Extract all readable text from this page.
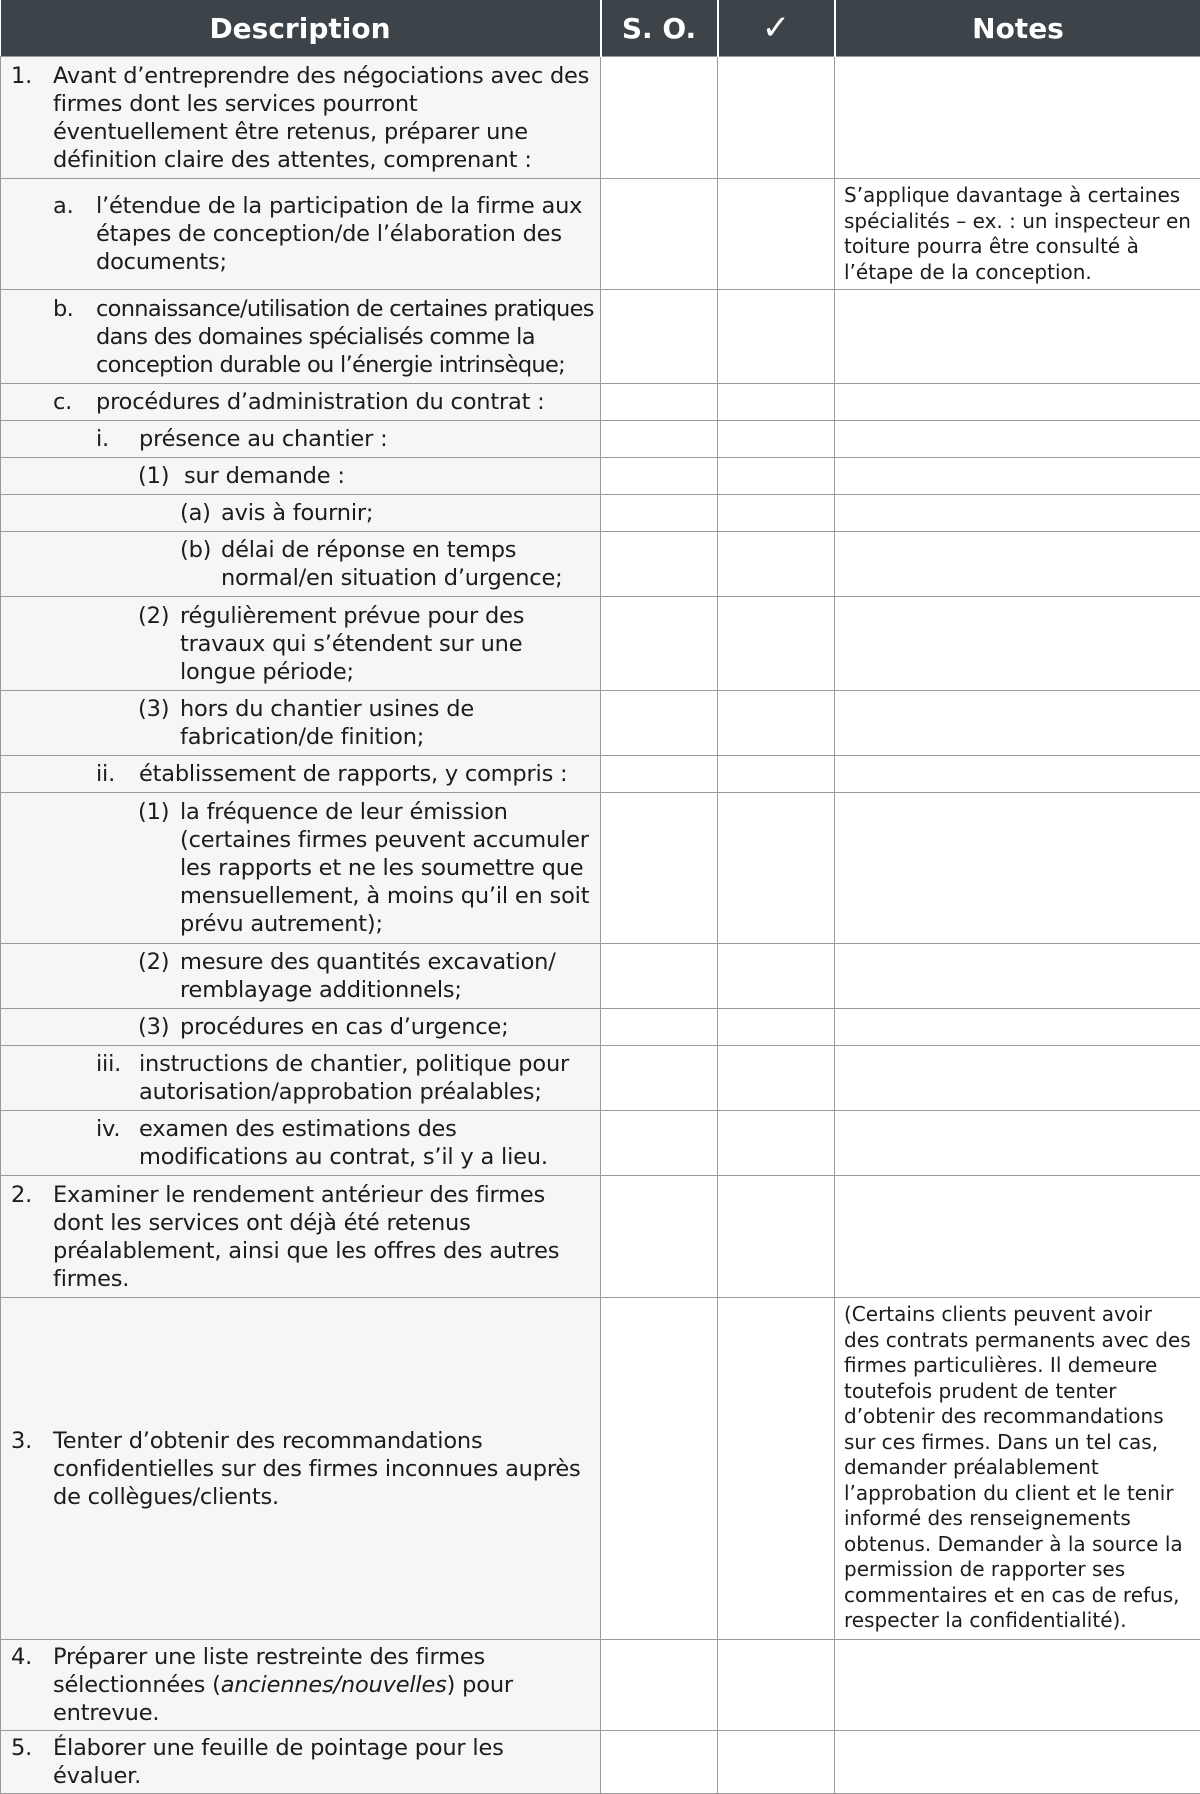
Description	S. O.	✓	Notes

1. Avant d’entreprendre des négociations avec des firmes dont les services pourront éventuellement être retenus, préparer une définition claire des attentes, comprenant :			

a. l’étendue de la participation de la firme aux étapes de conception/de l’élaboration des documents;			S’applique davantage à certaines spécialités – ex. : un inspecteur en toiture pourra être consulté à l’étape de la conception.

b. connaissance/utilisation de certaines pratiques dans des domaines spécialisés comme la conception durable ou l’énergie intrinsèque;			

c. procédures d’administration du contrat :			

i. présence au chantier :			

(1) sur demande :			

(a) avis à fournir;			

(b) délai de réponse en temps normal/en situation d’urgence;			

(2) régulièrement prévue pour des travaux qui s’étendent sur une longue période;			

(3) hors du chantier usines de fabrication/de finition;			

ii. établissement de rapports, y compris :			

(1) la fréquence de leur émission (certaines firmes peuvent accumuler les rapports et ne les soumettre que mensuellement, à moins qu’il en soit prévu autrement);			

(2) mesure des quantités excavation/ remblayage additionnels;			

(3) procédures en cas d’urgence;			

iii. instructions de chantier, politique pour autorisation/approbation préalables;			

iv. examen des estimations des modifications au contrat, s’il y a lieu.			

2. Examiner le rendement antérieur des firmes dont les services ont déjà été retenus préalablement, ainsi que les offres des autres firmes.			

3. Tenter d’obtenir des recommandations confidentielles sur des firmes inconnues auprès de collègues/clients.			(Certains clients peuvent avoir des contrats permanents avec des firmes particulières. Il demeure toutefois prudent de tenter d’obtenir des recommandations sur ces firmes. Dans un tel cas, demander préalablement l’approbation du client et le tenir informé des renseignements obtenus. Demander à la source la permission de rapporter ses commentaires et en cas de refus, respecter la confidentialité).

4. Préparer une liste restreinte des firmes sélectionnées (anciennes/nouvelles) pour entrevue.			

5. Élaborer une feuille de pointage pour les évaluer.			
